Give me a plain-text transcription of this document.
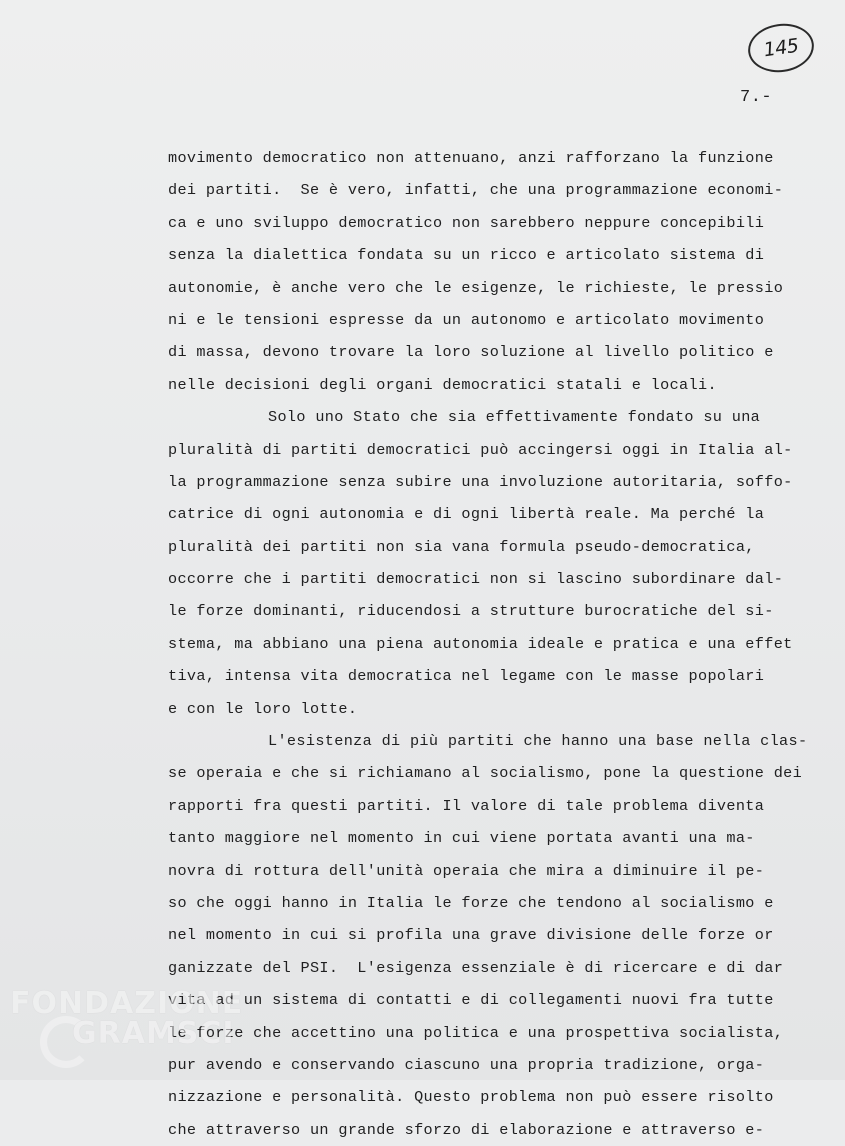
145
7.-
movimento democratico non attenuano, anzi rafforzano la funzione
dei partiti.  Se è vero, infatti, che una programmazione economi-
ca e uno sviluppo democratico non sarebbero neppure concepibili
senza la dialettica fondata su un ricco e articolato sistema di
autonomie, è anche vero che le esigenze, le richieste, le pressio
ni e le tensioni espresse da un autonomo e articolato movimento
di massa, devono trovare la loro soluzione al livello politico e
nelle decisioni degli organi democratici statali e locali.
Solo uno Stato che sia effettivamente fondato su una
pluralità di partiti democratici può accingersi oggi in Italia al-
la programmazione senza subire una involuzione autoritaria, soffo-
catrice di ogni autonomia e di ogni libertà reale. Ma perché la
pluralità dei partiti non sia vana formula pseudo-democratica,
occorre che i partiti democratici non si lascino subordinare dal-
le forze dominanti, riducendosi a strutture burocratiche del si-
stema, ma abbiano una piena autonomia ideale e pratica e una effet
tiva, intensa vita democratica nel legame con le masse popolari
e con le loro lotte.
L'esistenza di più partiti che hanno una base nella clas-
se operaia e che si richiamano al socialismo, pone la questione dei
rapporti fra questi partiti. Il valore di tale problema diventa
tanto maggiore nel momento in cui viene portata avanti una ma-
novra di rottura dell'unità operaia che mira a diminuire il pe-
so che oggi hanno in Italia le forze che tendono al socialismo e
nel momento in cui si profila una grave divisione delle forze or
ganizzate del PSI.  L'esigenza essenziale è di ricercare e di dar
vita ad un sistema di contatti e di collegamenti nuovi fra tutte
le forze che accettino una politica e una prospettiva socialista,
pur avendo e conservando ciascuno una propria tradizione, orga-
nizzazione e personalità. Questo problema non può essere risolto
che attraverso un grande sforzo di elaborazione e attraverso e-
FONDAZIONE
GRAMSCI
